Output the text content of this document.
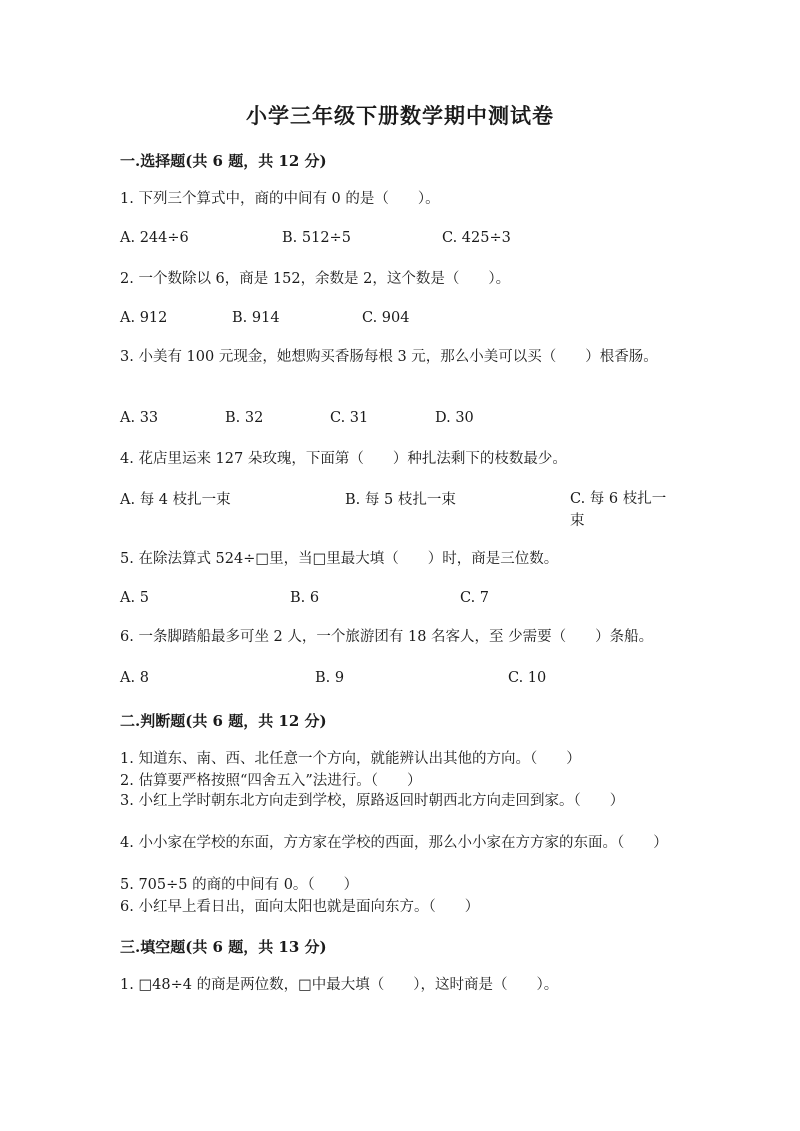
小学三年级下册数学期中测试卷
一.选择题(共 6 题，共 12 分)
1. 下列三个算式中，商的中间有 0 的是（　　）。
A. 244÷6	B. 512÷5	C. 425÷3
2. 一个数除以 6，商是 152，余数是 2，这个数是（　　）。
A. 912	B. 914	C. 904
3. 小美有 100 元现金，她想购买香肠每根 3 元，那么小美可以买（　　）根香肠。
A. 33	B. 32	C. 31	D. 30
4. 花店里运来 127 朵玫瑰，下面第（　　）种扎法剩下的枝数最少。
A. 每 4 枝扎一束	B. 每 5 枝扎一束	C. 每 6 枝扎一束
5. 在除法算式 524÷□里，当□里最大填（　　）时，商是三位数。
A. 5	B. 6	C. 7
6. 一条脚踏船最多可坐 2 人，一个旅游团有 18 名客人，至 少需要（　　）条船。
A. 8	B. 9	C. 10
二.判断题(共 6 题，共 12 分)
1. 知道东、南、西、北任意一个方向，就能辨认出其他的方向。（　　）
2. 估算要严格按照“四舍五入”法进行。（　　）
3. 小红上学时朝东北方向走到学校，原路返回时朝西北方向走回到家。（　　）
4. 小小家在学校的东面，方方家在学校的西面，那么小小家在方方家的东面。（　　）
5. 705÷5 的商的中间有 0。（　　）
6. 小红早上看日出，面向太阳也就是面向东方。（　　）
三.填空题(共 6 题，共 13 分)
1. □48÷4 的商是两位数，□中最大填（　　），这时商是（　　）。
